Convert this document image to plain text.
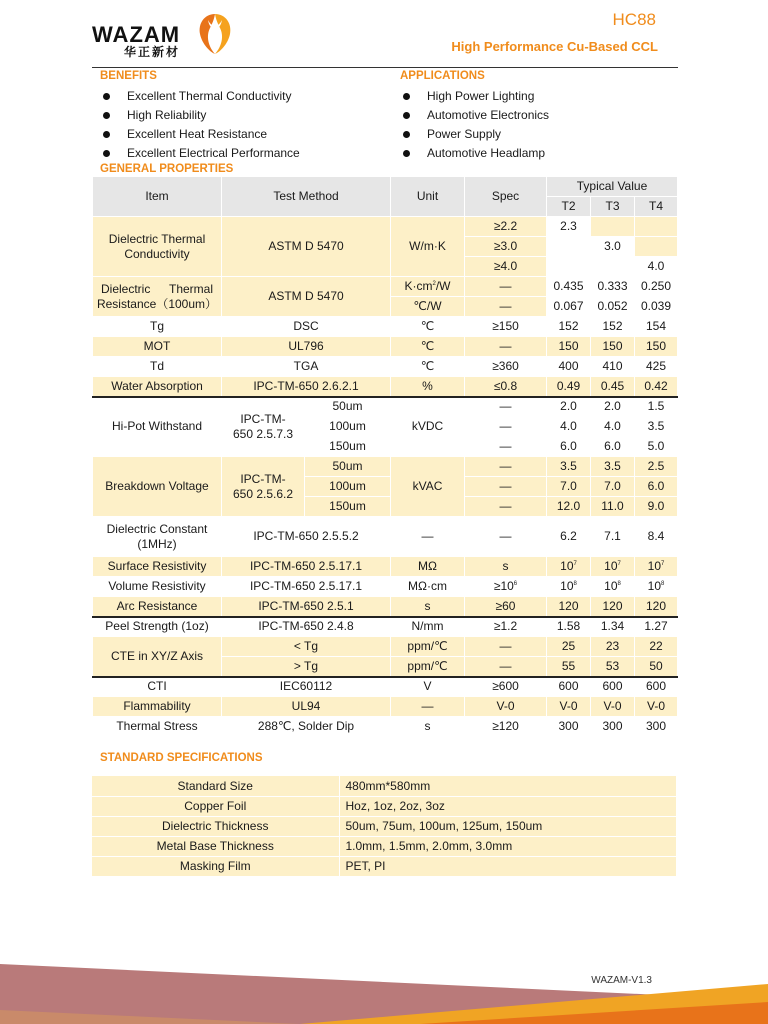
WAZAM
华正新材
HC88
High Performance Cu-Based CCL
BENEFITS
Excellent Thermal Conductivity
High Reliability
Excellent Heat Resistance
Excellent Electrical Performance
APPLICATIONS
High Power Lighting
Automotive Electronics
Power Supply
Automotive Headlamp
GENERAL PROPERTIES
Item	Test Method		Unit	Spec	Typical Value		
					T2	T3	T4
Dielectric Thermal Conductivity	ASTM D 5470		W/m·K	≥2.2	2.3		
				≥3.0		3.0	
				≥4.0			4.0

Dielectric Thermal
Resistance（100um）	ASTM D 5470		$K\cdot cm^2/W$	—	0.435	0.333	0.250
			℃/W	—	0.067	0.052	0.039
Tg	DSC		℃	≥150	152	152	154
MOT	UL796		℃	—	150	150	150
Td	TGA		℃	≥360	400	410	425
Water Absorption	IPC-TM-650 2.6.2.1		%	≤0.8	0.49	0.45	0.42
Hi-Pot Withstand	IPC-TM-
650 2.5.7.3	50um	kVDC	—	2.0	2.0	1.5
		100um		—	4.0	4.0	3.5
		150um		—	6.0	6.0	5.0
Breakdown Voltage	IPC-TM-
650 2.5.6.2	50um	kVAC	—	3.5	3.5	2.5
		100um		—	7.0	7.0	6.0
		150um		—	12.0	11.0	9.0
Dielectric Constant
(1MHz)	IPC-TM-650 2.5.5.2		—	—	6.2	7.1	8.4
Surface Resistivity	IPC-TM-650 2.5.17.1		MΩ	s	$10^7$	$10^7$	$10^7$
Volume Resistivity	IPC-TM-650 2.5.17.1		MΩ·cm	$\ge 10^6$	$10^8$	$10^8$	$10^8$
Arc Resistance	IPC-TM-650 2.5.1		s	≥60	120	120	120
Peel Strength (1oz)	IPC-TM-650 2.4.8		N/mm	≥1.2	1.58	1.34	1.27
CTE in XY/Z Axis	< Tg		ppm/℃	—	25	23	22
	> Tg		ppm/℃	—	55	53	50
CTI	IEC60112		V	≥600	600	600	600
Flammability	UL94		—	V-0	V-0	V-0	V-0
Thermal Stress	288℃, Solder Dip		s	≥120	300	300	300
STANDARD SPECIFICATIONS
Standard Size	480mm*580mm
Copper Foil	Hoz, 1oz, 2oz, 3oz
Dielectric Thickness	50um, 75um, 100um, 125um, 150um
Metal Base Thickness	1.0mm, 1.5mm, 2.0mm, 3.0mm
Masking Film	PET, PI
WAZAM-V1.3
